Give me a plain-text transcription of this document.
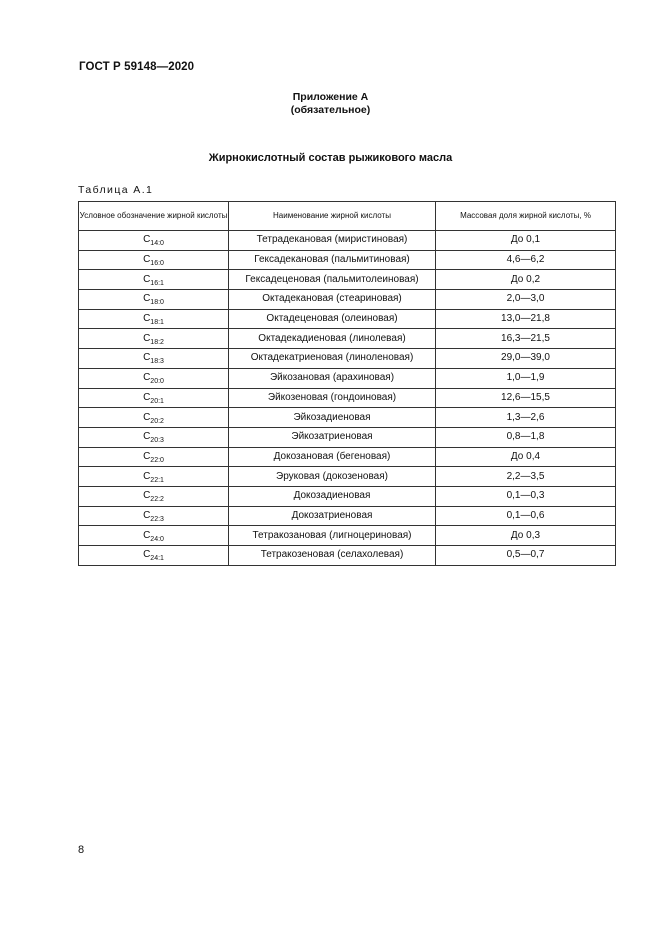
ГОСТ Р 59148—2020
Приложение А
(обязательное)
Жирнокислотный состав рыжикового масла
Таблица А.1
Условное обозначение жирной кислоты	Наименование жирной кислоты	Массовая доля жирной кислоты, %
$C_{14:0}$	Тетрадекановая (миристиновая)	До 0,1
$C_{16:0}$	Гексадекановая (пальмитиновая)	4,6—6,2
$C_{16:1}$	Гексадеценовая (пальмитолеиновая)	До 0,2
$C_{18:0}$	Октадекановая (стеариновая)	2,0—3,0
$C_{18:1}$	Октадеценовая (олеиновая)	13,0—21,8
$C_{18:2}$	Октадекадиеновая (линолевая)	16,3—21,5
$C_{18:3}$	Октадекатриеновая (линоленовая)	29,0—39,0
$C_{20:0}$	Эйкозановая (арахиновая)	1,0—1,9
$C_{20:1}$	Эйкозеновая (гондоиновая)	12,6—15,5
$C_{20:2}$	Эйкозадиеновая	1,3—2,6
$C_{20:3}$	Эйкозатриеновая	0,8—1,8
$C_{22:0}$	Докозановая (бегеновая)	До 0,4
$C_{22:1}$	Эруковая (докозеновая)	2,2—3,5
$C_{22:2}$	Докозадиеновая	0,1—0,3
$C_{22:3}$	Докозатриеновая	0,1—0,6
$C_{24:0}$	Тетракозановая (лигноцериновая)	До 0,3
$C_{24:1}$	Тетракозеновая (селахолевая)	0,5—0,7
8
